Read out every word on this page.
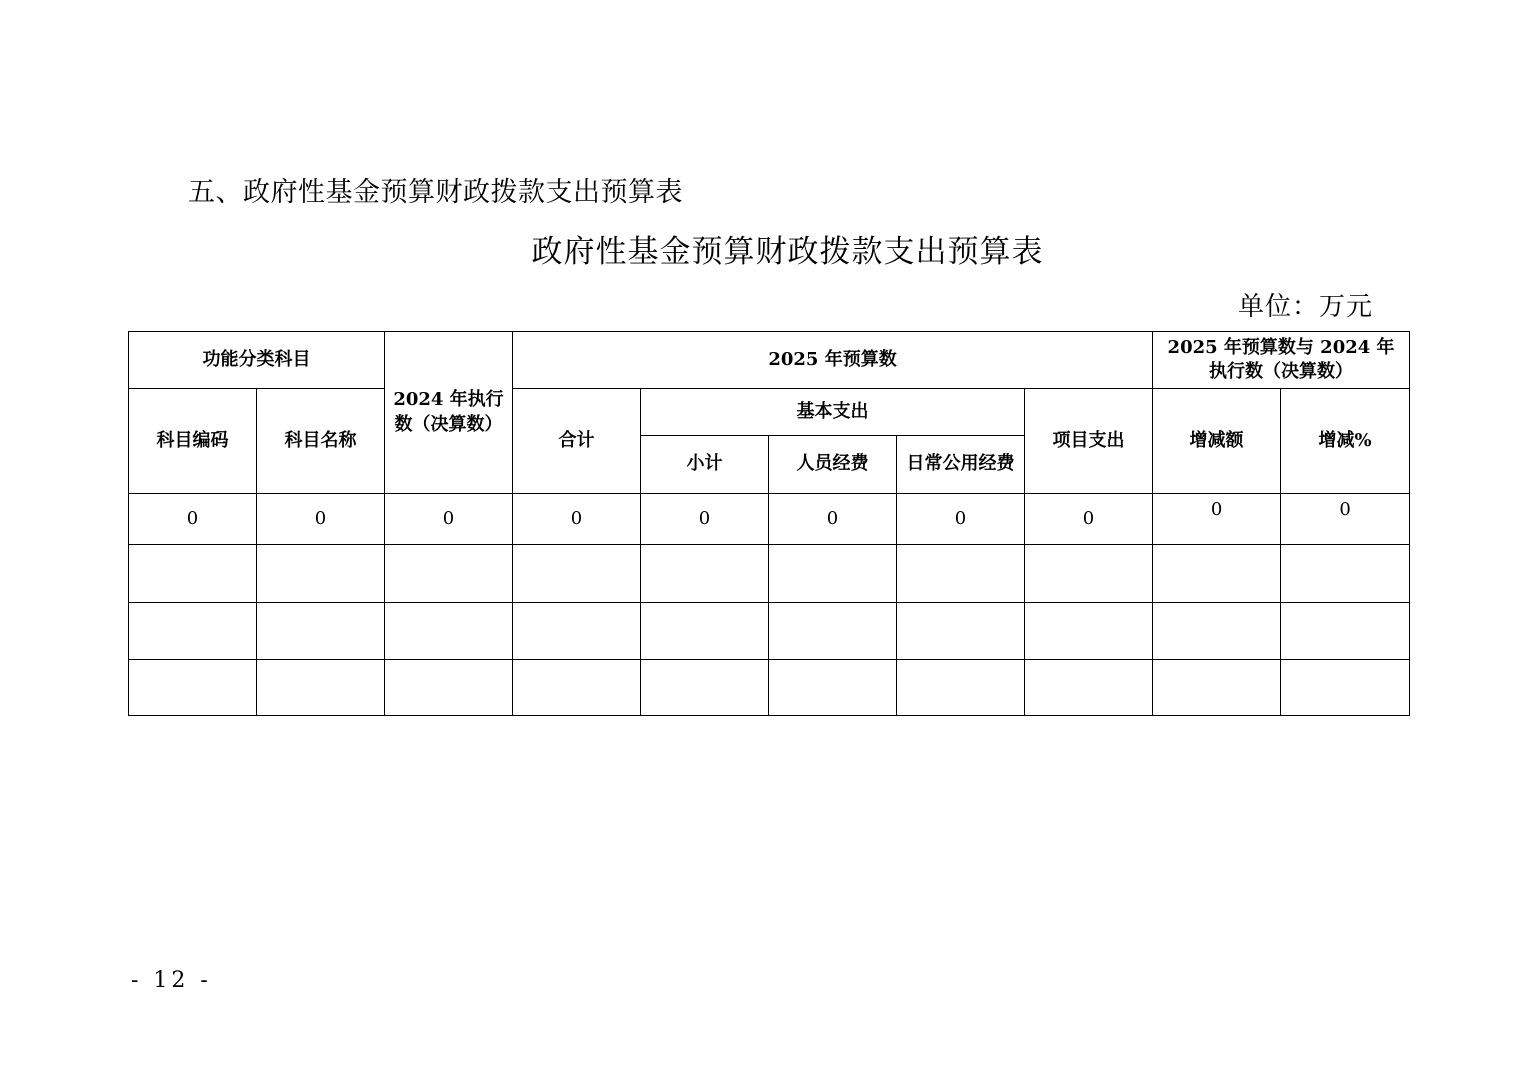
五、政府性基金预算财政拨款支出预算表
政府性基金预算财政拨款支出预算表
单位：万元
功能分类科目		2024 年执行数（决算数）	2025 年预算数					2025 年预算数与 2024 年执行数（决算数）	
科目编码	科目名称		合计	基本支出			项目支出	增减额	增减%
				小计	人员经费	日常公用经费			
0	0	0	0	0	0	0	0	0	0

- 12 -
